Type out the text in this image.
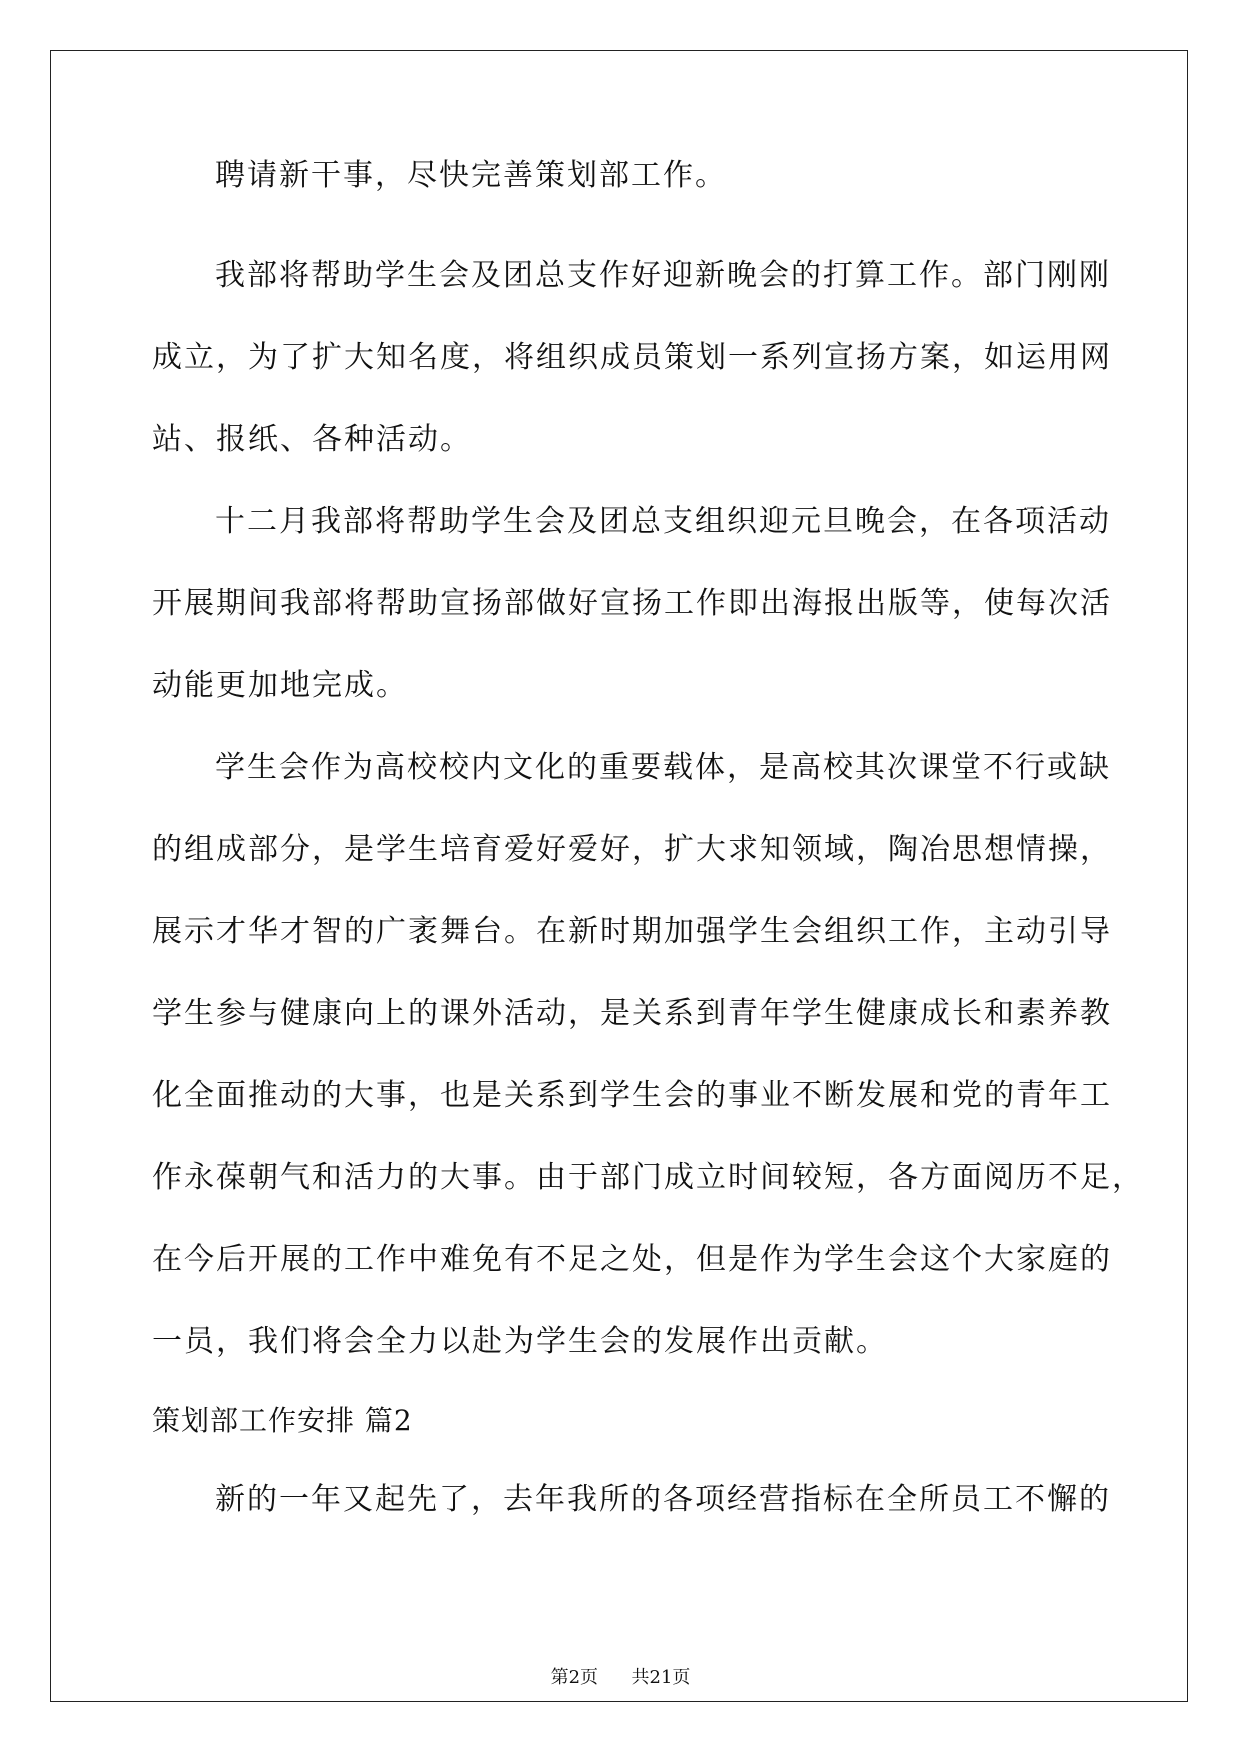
聘请新干事，尽快完善策划部工作。

我部将帮助学生会及团总支作好迎新晚会的打算工作。部门刚刚

成立，为了扩大知名度，将组织成员策划一系列宣扬方案，如运用网

站、报纸、各种活动。

十二月我部将帮助学生会及团总支组织迎元旦晚会，在各项活动

开展期间我部将帮助宣扬部做好宣扬工作即出海报出版等，使每次活

动能更加地完成。

学生会作为高校校内文化的重要载体，是高校其次课堂不行或缺

的组成部分，是学生培育爱好爱好，扩大求知领域，陶冶思想情操，

展示才华才智的广袤舞台。在新时期加强学生会组织工作，主动引导

学生参与健康向上的课外活动，是关系到青年学生健康成长和素养教

化全面推动的大事，也是关系到学生会的事业不断发展和党的青年工

作永葆朝气和活力的大事。由于部门成立时间较短，各方面阅历不足，

在今后开展的工作中难免有不足之处，但是作为学生会这个大家庭的

一员，我们将会全力以赴为学生会的发展作出贡献。

策划部工作安排 篇2

新的一年又起先了，去年我所的各项经营指标在全所员工不懈的

第2页 共21页
